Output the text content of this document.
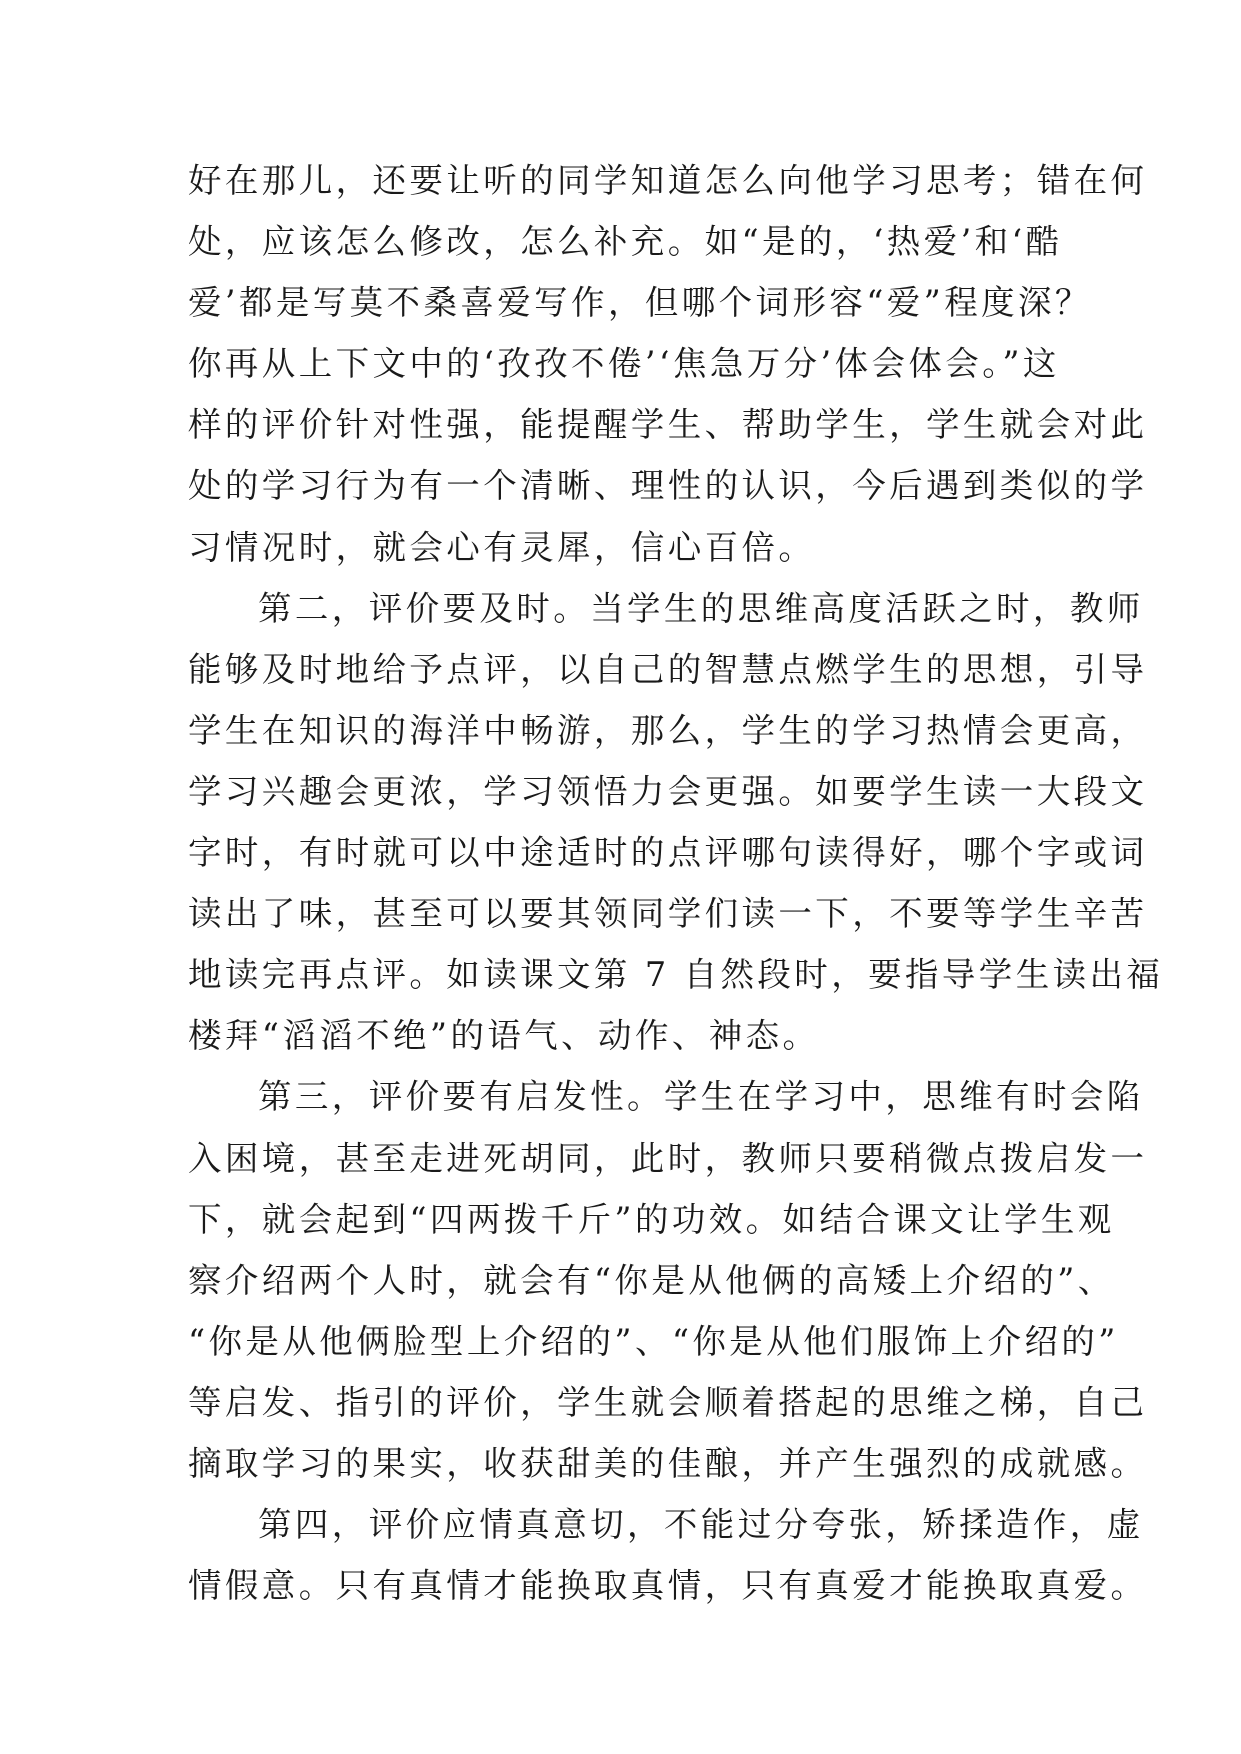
好在那儿，还要让听的同学知道怎么向他学习思考；错在何
处，应该怎么修改，怎么补充。如“是的，‘热爱’和‘酷
爱’都是写莫不桑喜爱写作，但哪个词形容“爱”程度深？
你再从上下文中的‘孜孜不倦’‘焦急万分’体会体会。”这
样的评价针对性强，能提醒学生、帮助学生，学生就会对此
处的学习行为有一个清晰、理性的认识，今后遇到类似的学
习情况时，就会心有灵犀，信心百倍。
第二，评价要及时。当学生的思维高度活跃之时，教师
能够及时地给予点评，以自己的智慧点燃学生的思想，引导
学生在知识的海洋中畅游，那么，学生的学习热情会更高，
学习兴趣会更浓，学习领悟力会更强。如要学生读一大段文
字时，有时就可以中途适时的点评哪句读得好，哪个字或词
读出了味，甚至可以要其领同学们读一下，不要等学生辛苦
地读完再点评。如读课文第 7 自然段时，要指导学生读出福
楼拜“滔滔不绝”的语气、动作、神态。
第三，评价要有启发性。学生在学习中，思维有时会陷
入困境，甚至走进死胡同，此时，教师只要稍微点拨启发一
下，就会起到“四两拨千斤”的功效。如结合课文让学生观
察介绍两个人时，就会有“你是从他俩的高矮上介绍的”、
“你是从他俩脸型上介绍的”、“你是从他们服饰上介绍的”
等启发、指引的评价，学生就会顺着搭起的思维之梯，自己
摘取学习的果实，收获甜美的佳酿，并产生强烈的成就感。
第四，评价应情真意切，不能过分夸张，矫揉造作，虚
情假意。只有真情才能换取真情，只有真爱才能换取真爱。
